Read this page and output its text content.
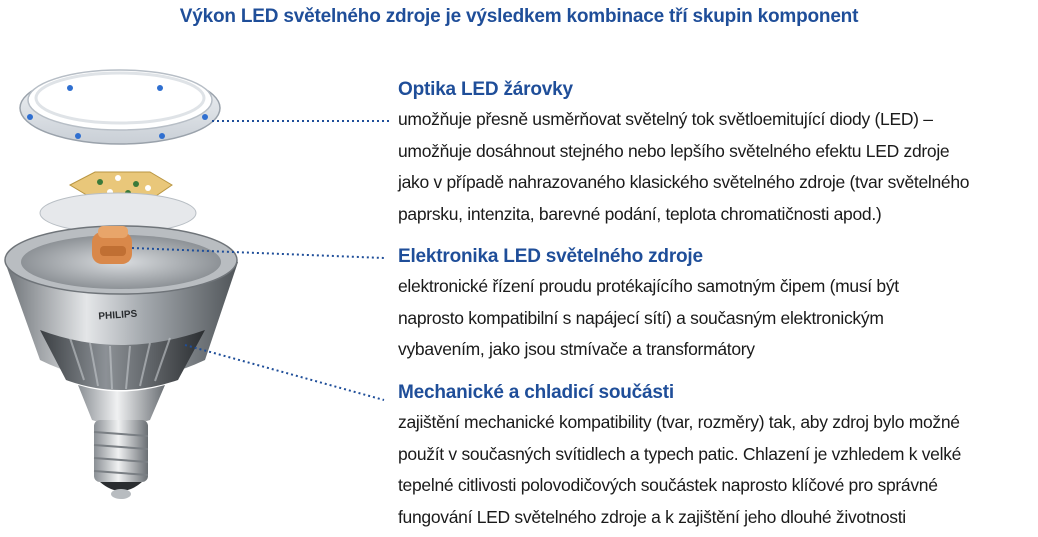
Výkon LED světelného zdroje je výsledkem kombinace tří skupin komponent
PHILIPS
Optika LED žárovky

umožňuje přesně usměrňovat světelný tok světloemitující diody (LED) –
umožňuje dosáhnout stejného nebo lepšího světelného efektu LED zdroje
jako v případě nahrazovaného klasického světelného zdroje (tvar světelného
paprsku, intenzita, barevné podání, teplota chromatičnosti apod.)

Elektronika LED světelného zdroje

elektronické řízení proudu protékajícího samotným čipem (musí být
naprosto kompatibilní s napájecí sítí) a současným elektronickým
vybavením, jako jsou stmívače a transformátory

Mechanické a chladicí součásti

zajištění mechanické kompatibility (tvar, rozměry) tak, aby zdroj bylo možné
použít v současných svítidlech a typech patic. Chlazení je vzhledem k velké
tepelné citlivosti polovodičových součástek naprosto klíčové pro správné
fungování LED světelného zdroje a k zajištění jeho dlouhé životnosti
